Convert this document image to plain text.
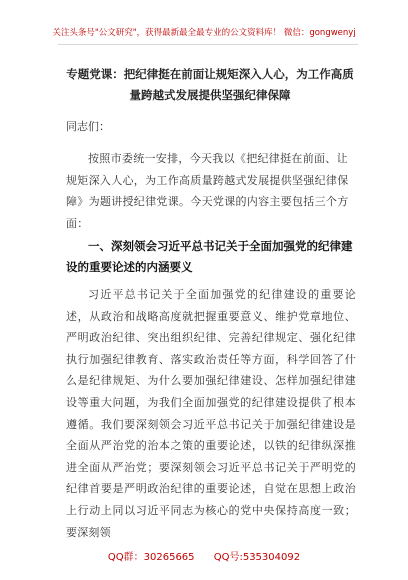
关注头条号"公文研究"，获得最新最全最专业的公文资料库！ 微信：gongwenyj
专题党课：把纪律挺在前面让规矩深入人心，为工作高质
量跨越式发展提供坚强纪律保障
同志们：
按照市委统一安排，今天我以《把纪律挺在前面、让规矩深入人心，为工作高质量跨越式发展提供坚强纪律保障》为题讲授纪律党课。今天党课的内容主要包括三个方面：
一、深刻领会习近平总书记关于全面加强党的纪律建设的重要论述的内涵要义
习近平总书记关于全面加强党的纪律建设的重要论述，从政治和战略高度就把握重要意义、维护党章地位、严明政治纪律、突出组织纪律、完善纪律规定、强化纪律执行加强纪律教育、落实政治责任等方面，科学回答了什么是纪律规矩、为什么要加强纪律建设、怎样加强纪律建设等重大问题，为我们全面加强党的纪律建设提供了根本遵循。我们要深刻领会习近平总书记关于加强纪律建设是全面从严治党的治本之策的重要论述，以铁的纪律纵深推进全面从严治党；要深刻领会习近平总书记关于严明党的纪律首要是严明政治纪律的重要论述，自觉在思想上政治上行动上同以习近平同志为核心的党中央保持高度一致；要深刻领
QQ群：30265665 QQ号:535304092
